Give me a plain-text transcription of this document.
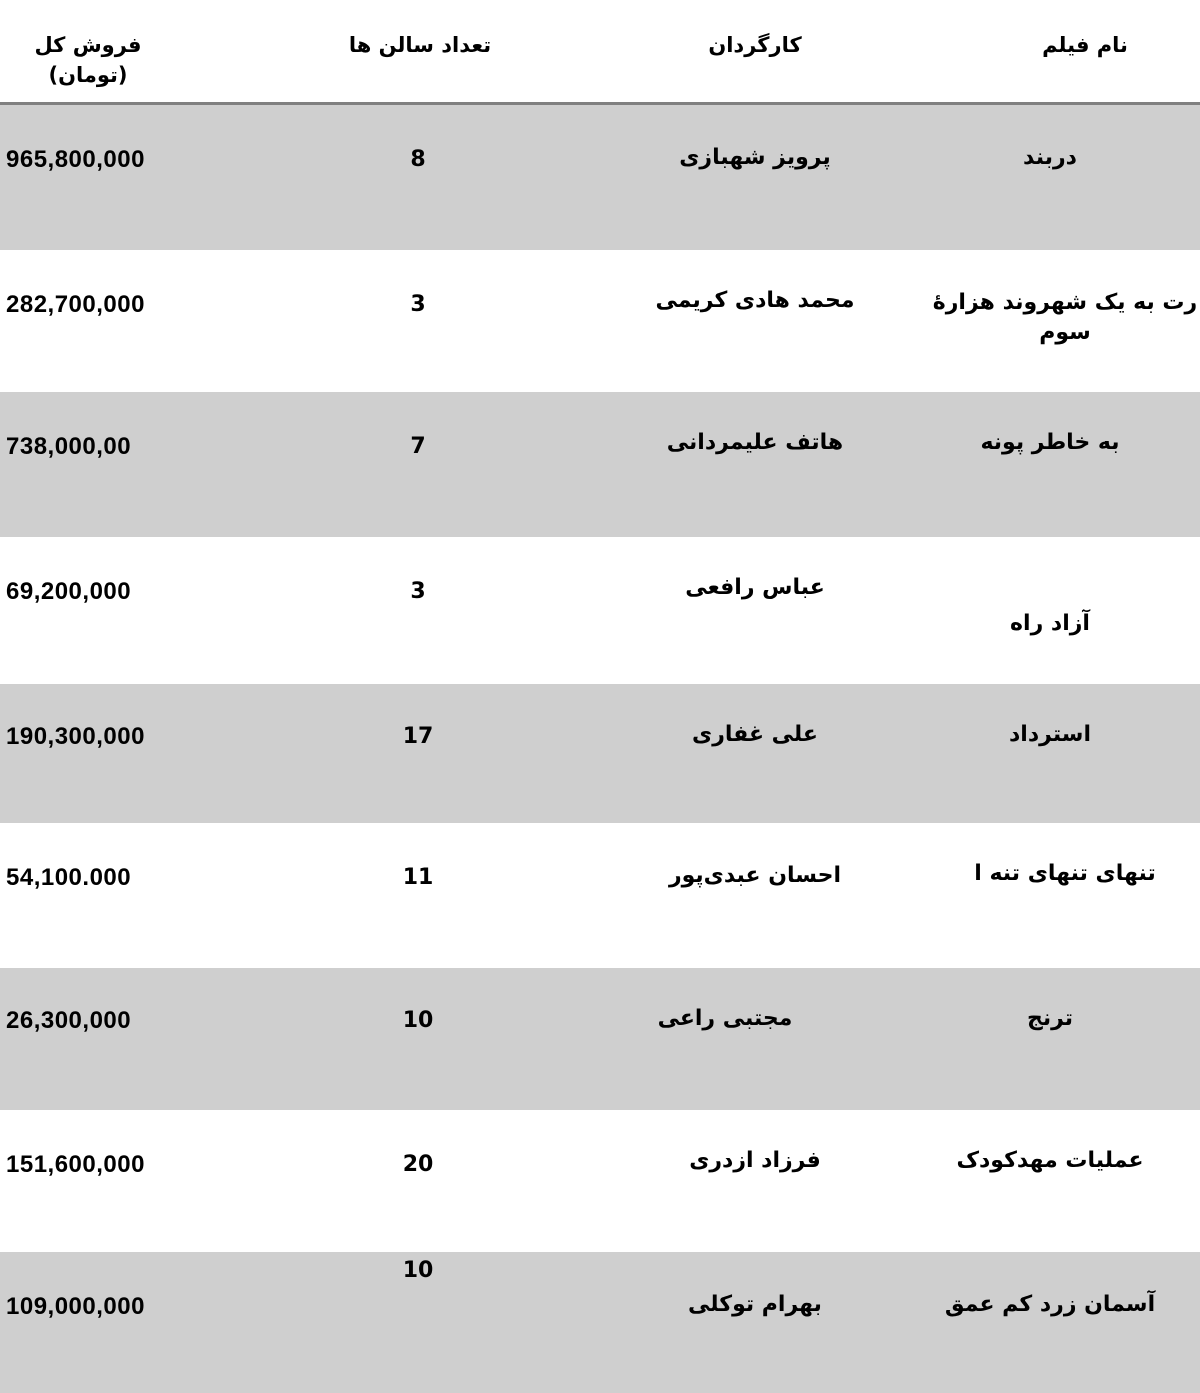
نام فیلم
کارگردان
تعداد سالن ها
فروش کل
(تومان)
دربند
پرویز شهبازی
8
965,800,000
رت به یک شهروند هزارهٔ سوم
محمد هادی کریمی
3
282,700,000
به خاطر پونه
هاتف علیمردانی
7
738,000,00
آزاد راه
عباس رافعی
3
69,200,000
استرداد
علی غفاری
17
190,300,000
تنهای تنهای تنه ا
احسان عبدی‌پور
11
54,100.000
ترنج
مجتبی راعی
10
26,300,000
عملیات مهدکودک
فرزاد ازدری
20
151,600,000
آسمان زرد کم عمق
بهرام توکلی
10
109,000,000
